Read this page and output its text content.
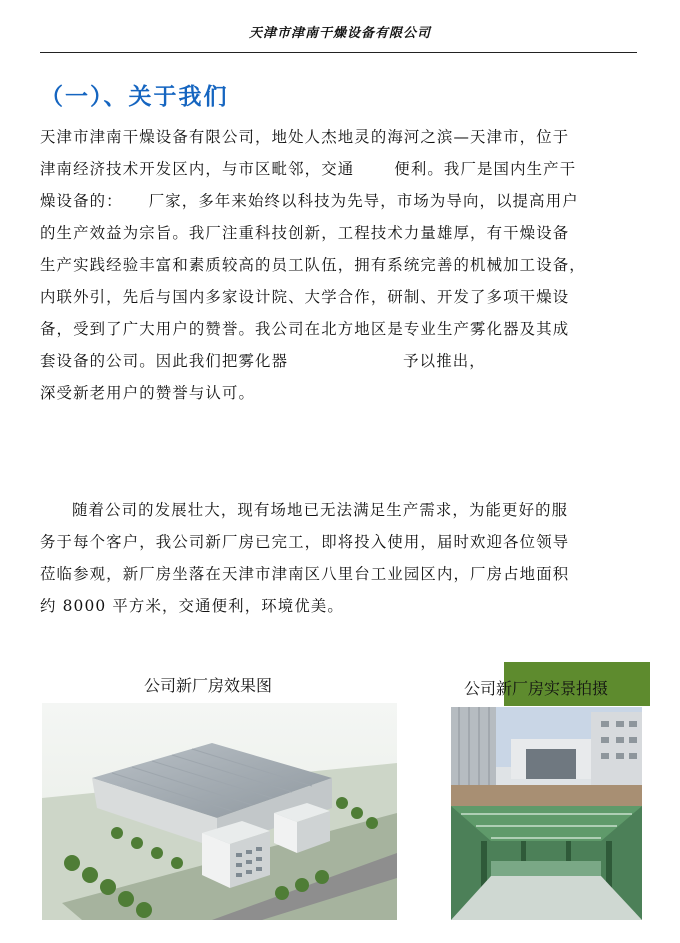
天津市津南干燥设备有限公司
（一）、关于我们
天津市津南干燥设备有限公司，地处人杰地灵的海河之滨—天津市，位于
津南经济技术开发区内，与市区毗邻，交通	便利。我厂是国内生产干
燥设备的： 厂家，多年来始终以科技为先导，市场为导向，以提高用户
的生产效益为宗旨。我厂注重科技创新，工程技术力量雄厚，有干燥设备
生产实践经验丰富和素质较高的员工队伍，拥有系统完善的机械加工设备，
内联外引，先后与国内多家设计院、大学合作，研制、开发了多项干燥设
备，受到了广大用户的赞誉。我公司在北方地区是专业生产雾化器及其成
套设备的公司。因此我们把雾化器	予以推出，
深受新老用户的赞誉与认可。
随着公司的发展壮大，现有场地已无法满足生产需求，为能更好的服
务于每个客户，我公司新厂房已完工，即将投入使用，届时欢迎各位领导
莅临参观，新厂房坐落在天津市津南区八里台工业园区内，厂房占地面积
约 8000 平方米，交通便利，环境优美。
公司新厂房效果图	公司新厂房实景拍摄
